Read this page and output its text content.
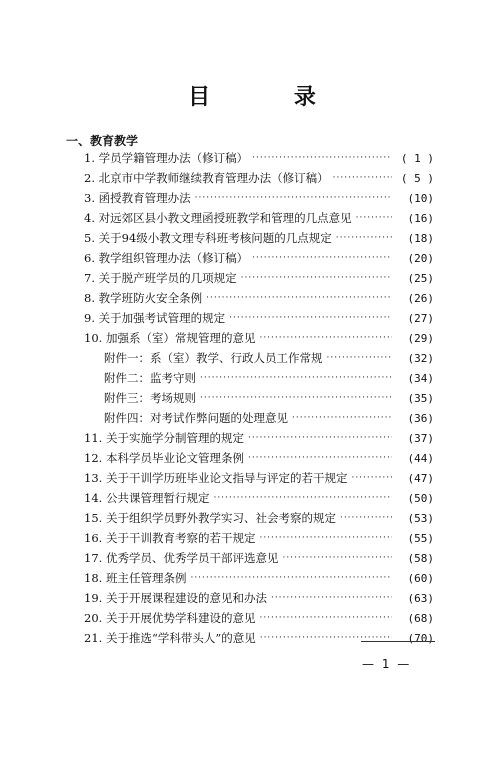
目 录
一、教育教学
1. 学员学籍管理办法（修订稿） ·····	( 1 )
2. 北京市中学教师继续教育管理办法（修订稿） ·····	( 5 )
3. 函授教育管理办法 ·····	(10)
4. 对远郊区县小教文理函授班教学和管理的几点意见 ·····	(16)
5. 关于94级小教文理专科班考核问题的几点规定 ·····	(18)
6. 教学组织管理办法（修订稿） ·····	(20)
7. 关于脱产班学员的几项规定 ·····	(25)
8. 教学班防火安全条例 ·····	(26)
9. 关于加强考试管理的规定 ·····	(27)
10. 加强系（室）常规管理的意见 ·····	(29)
附件一：系（室）教学、行政人员工作常规 ·····	(32)
附件二：监考守则 ·····	(34)
附件三：考场规则 ·····	(35)
附件四：对考试作弊问题的处理意见 ·····	(36)
11. 关于实施学分制管理的规定 ·····	(37)
12. 本科学员毕业论文管理条例 ·····	(44)
13. 关于干训学历班毕业论文指导与评定的若干规定 ·····	(47)
14. 公共课管理暂行规定 ·····	(50)
15. 关于组织学员野外教学实习、社会考察的规定 ·····	(53)
16. 关于干训教育考察的若干规定 ·····	(55)
17. 优秀学员、优秀学员干部评选意见 ·····	(58)
18. 班主任管理条例 ·····	(60)
19. 关于开展课程建设的意见和办法 ·····	(63)
20. 关于开展优势学科建设的意见 ·····	(68)
21. 关于推选“学科带头人”的意见 ·····	(70)
— 1 —
